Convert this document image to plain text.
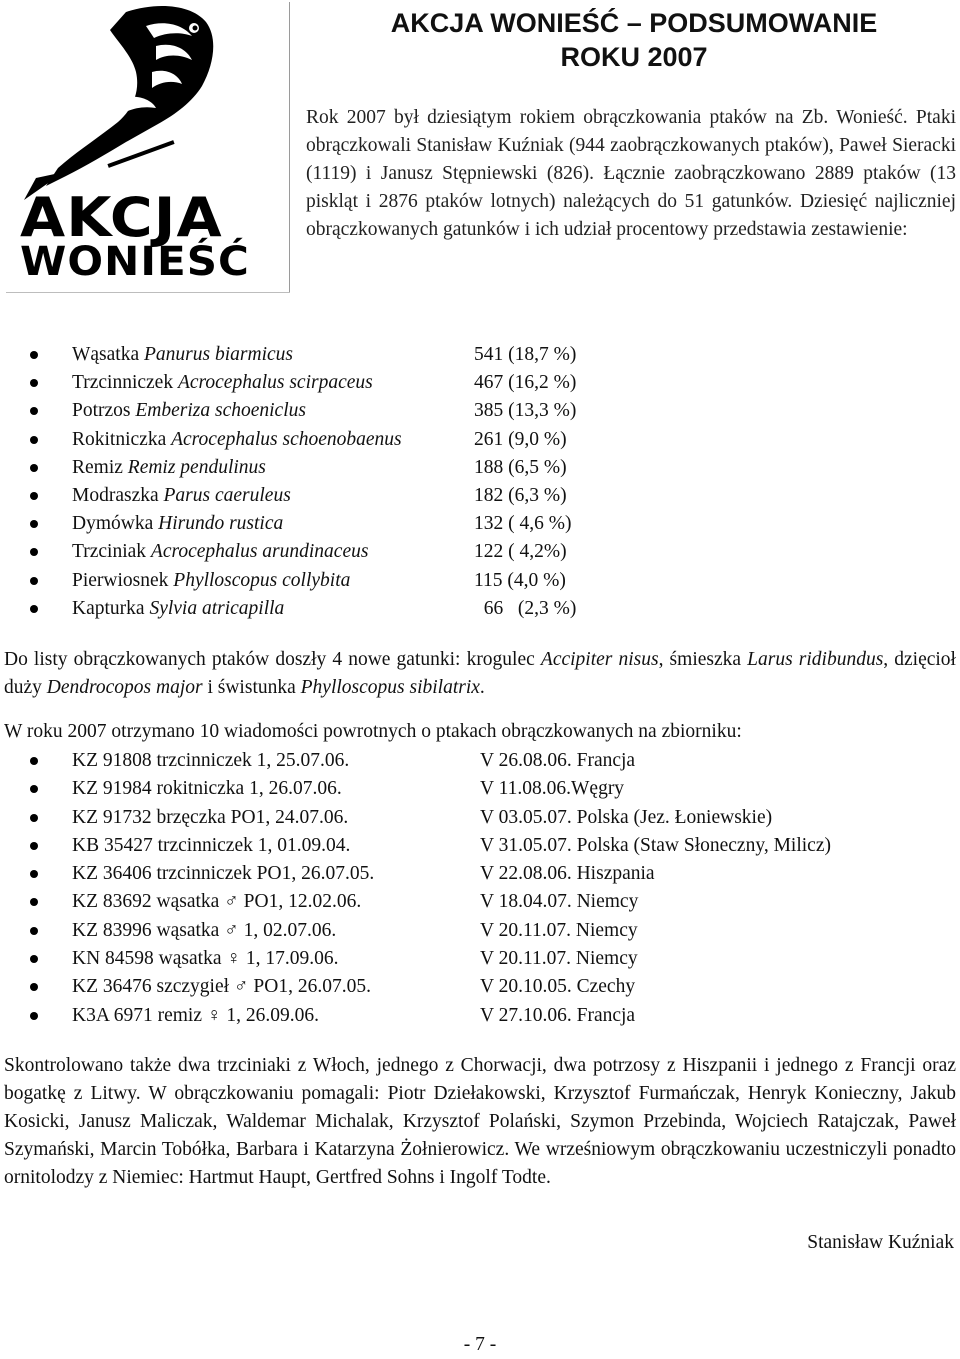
AKCJA
WONIEŚĆ
AKCJA WONIEŚĆ – PODSUMOWANIE
ROKU 2007
Rok 2007 był dziesiątym rokiem obrączkowania ptaków na Zb. Wonieść. Ptaki obrączkowali Stanisław Kuźniak (944 zaobrączkowanych ptaków), Paweł Sieracki (1119) i Janusz Stępniewski (826). Łącznie zaobrączkowano 2889 ptaków (13 piskląt i 2876 ptaków lotnych) należących do 51 gatunków. Dziesięć najliczniej obrączkowanych gatunków i ich udział procentowy przedstawia zestawienie:
Wąsatka Panurus biarmicus	541 (18,7 %)
Trzcinniczek Acrocephalus scirpaceus	467 (16,2 %)
Potrzos Emberiza schoeniclus	385 (13,3 %)
Rokitniczka Acrocephalus schoenobaenus	261 (9,0 %)
Remiz Remiz pendulinus	188 (6,5 %)
Modraszka Parus caeruleus	182 (6,3 %)
Dymówka Hirundo rustica	132 ( 4,6 %)
Trzciniak Acrocephalus arundinaceus	122 ( 4,2%)
Pierwiosnek Phylloscopus collybita	115 (4,0 %)
Kapturka Sylvia atricapilla	66   (2,3 %)
Do listy obrączkowanych ptaków doszły 4 nowe gatunki: krogulec Accipiter nisus, śmieszka Larus ridibundus, dzięcioł duży Dendrocopos major i świstunka Phylloscopus sibilatrix.
W roku 2007 otrzymano 10 wiadomości powrotnych o ptakach obrączkowanych na zbiorniku:
KZ 91808 trzcinniczek 1, 25.07.06.	V 26.08.06. Francja
KZ 91984 rokitniczka 1, 26.07.06.	V 11.08.06.Węgry
KZ 91732 brzęczka PO1, 24.07.06.	V 03.05.07. Polska (Jez. Łoniewskie)
KB 35427 trzcinniczek 1, 01.09.04.	V 31.05.07. Polska (Staw Słoneczny, Milicz)
KZ 36406 trzcinniczek PO1, 26.07.05.	V 22.08.06. Hiszpania
KZ 83692 wąsatka ♂ PO1, 12.02.06.	V 18.04.07. Niemcy
KZ 83996 wąsatka ♂ 1, 02.07.06.	V 20.11.07. Niemcy
KN 84598 wąsatka ♀ 1, 17.09.06.	V 20.11.07. Niemcy
KZ 36476 szczygieł ♂ PO1, 26.07.05.	V 20.10.05. Czechy
K3A 6971 remiz ♀ 1, 26.09.06.	V 27.10.06. Francja
Skontrolowano także dwa trzciniaki z Włoch, jednego z Chorwacji, dwa potrzosy z Hiszpanii i jednego z Francji oraz bogatkę z Litwy. W obrączkowaniu pomagali: Piotr Dziełakowski, Krzysztof Furmańczak, Henryk Konieczny, Jakub Kosicki, Janusz Maliczak, Waldemar Michalak, Krzysztof Polański, Szymon Przebinda, Wojciech Ratajczak, Paweł Szymański, Marcin Tobółka, Barbara i Katarzyna Żołnierowicz. We wrześniowym obrączkowaniu uczestniczyli ponadto ornitolodzy z Niemiec: Hartmut Haupt, Gertfred Sohns i Ingolf Todte.
Stanisław Kuźniak
- 7 -
